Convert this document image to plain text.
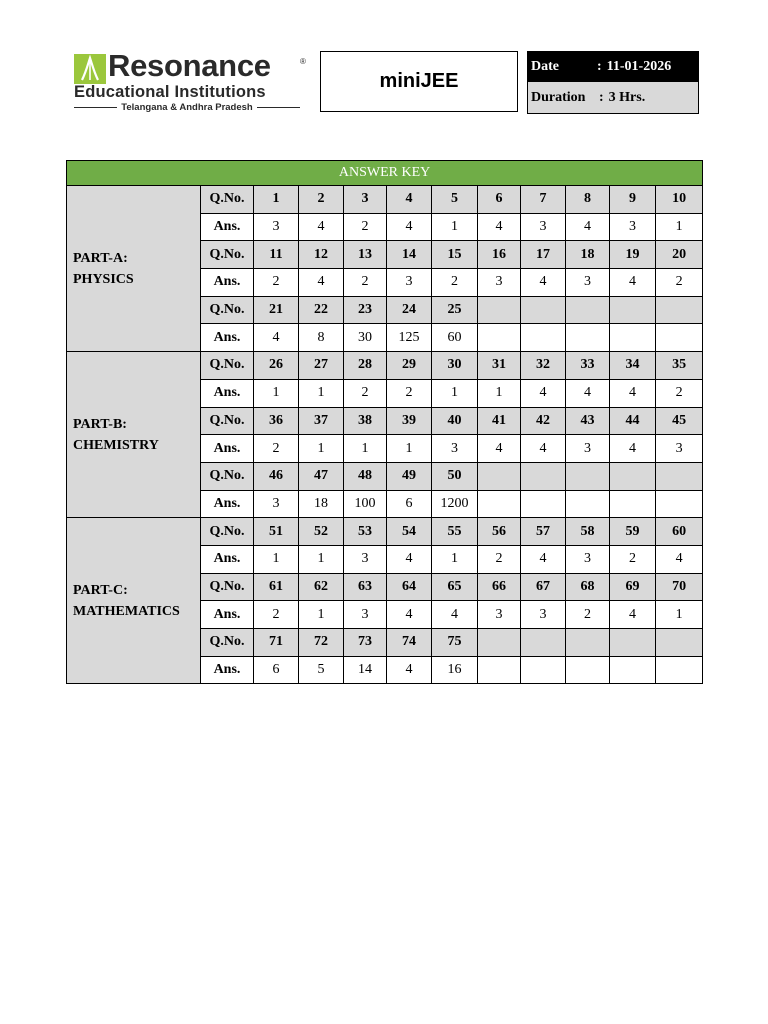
Resonance	®
Educational Institutions
Telangana & Andhra Pradesh
miniJEE
Date	: 11-01-2026
Duration : 3 Hrs.
ANSWER KEY											

PART-A:
PHYSICS	Q.No.	1	2	3	4	5	6	7	8	9	10
	Ans.	3	4	2	4	1	4	3	4	3	1
	Q.No.	11	12	13	14	15	16	17	18	19	20
	Ans.	2	4	2	3	2	3	4	3	4	2
	Q.No.	21	22	23	24	25					
	Ans.	4	8	30	125	60					

PART-B:
CHEMISTRY	Q.No.	26	27	28	29	30	31	32	33	34	35
	Ans.	1	1	2	2	1	1	4	4	4	2
	Q.No.	36	37	38	39	40	41	42	43	44	45
	Ans.	2	1	1	1	3	4	4	3	4	3
	Q.No.	46	47	48	49	50					
	Ans.	3	18	100	6	1200					

PART-C:
MATHEMATICS	Q.No.	51	52	53	54	55	56	57	58	59	60
	Ans.	1	1	3	4	1	2	4	3	2	4
	Q.No.	61	62	63	64	65	66	67	68	69	70
	Ans.	2	1	3	4	4	3	3	2	4	1
	Q.No.	71	72	73	74	75					
	Ans.	6	5	14	4	16					
